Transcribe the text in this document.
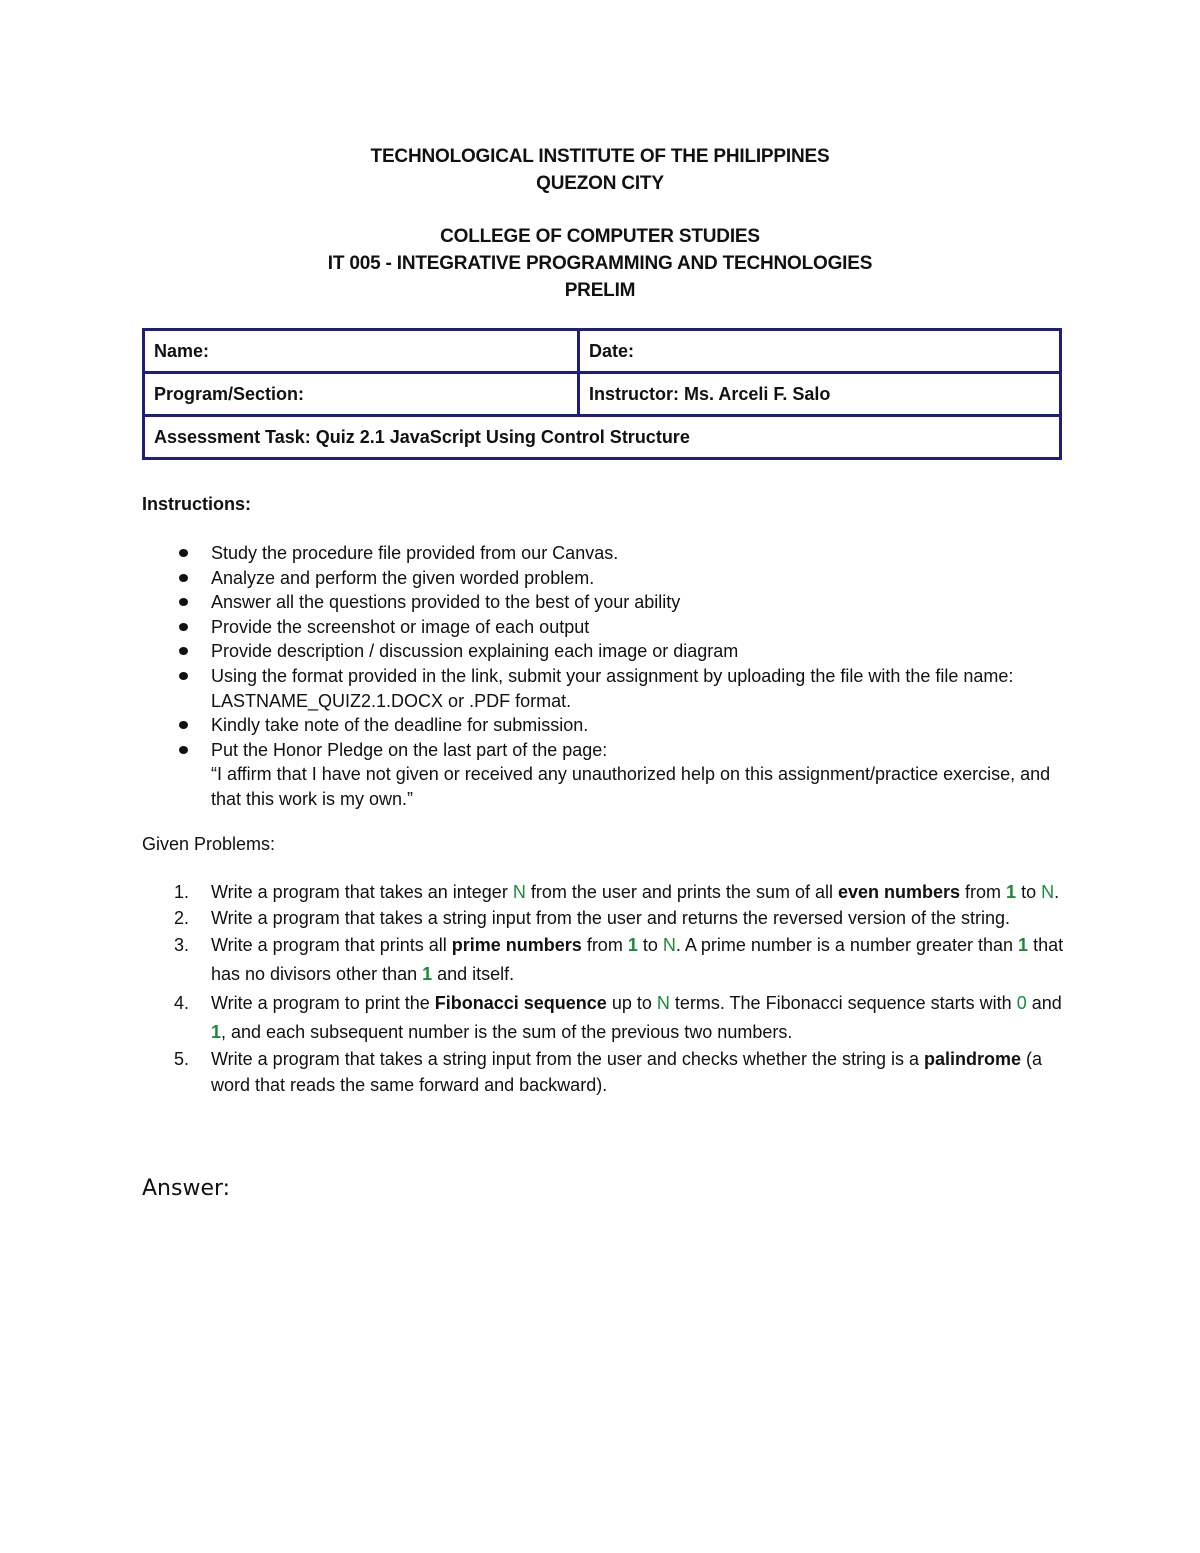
TECHNOLOGICAL INSTITUTE OF THE PHILIPPINES
QUEZON CITY
COLLEGE OF COMPUTER STUDIES
IT 005 - INTEGRATIVE PROGRAMMING AND TECHNOLOGIES
PRELIM
Name:	Date:
Program/Section:	Instructor: Ms. Arceli F. Salo
Assessment Task: Quiz 2.1 JavaScript Using Control Structure	
Instructions:
Study the procedure file provided from our Canvas.
Analyze and perform the given worded problem.
Answer all the questions provided to the best of your ability
Provide the screenshot or image of each output
Provide description / discussion explaining each image or diagram
Using the format provided in the link, submit your assignment by uploading the file with the file name: LASTNAME_QUIZ2.1.DOCX or .PDF format.
Kindly take note of the deadline for submission.
Put the Honor Pledge on the last part of the page:
“I affirm that I have not given or received any unauthorized help on this assignment/practice exercise, and that this work is my own.”
Given Problems:
1. Write a program that takes an integer N from the user and prints the sum of all even numbers from 1 to N.
2. Write a program that takes a string input from the user and returns the reversed version of the string.
3. Write a program that prints all prime numbers from 1 to N. A prime number is a number greater than 1 that has no divisors other than 1 and itself.
4. Write a program to print the Fibonacci sequence up to N terms. The Fibonacci sequence starts with 0 and 1, and each subsequent number is the sum of the previous two numbers.
5. Write a program that takes a string input from the user and checks whether the string is a palindrome (a word that reads the same forward and backward).
Answer:
